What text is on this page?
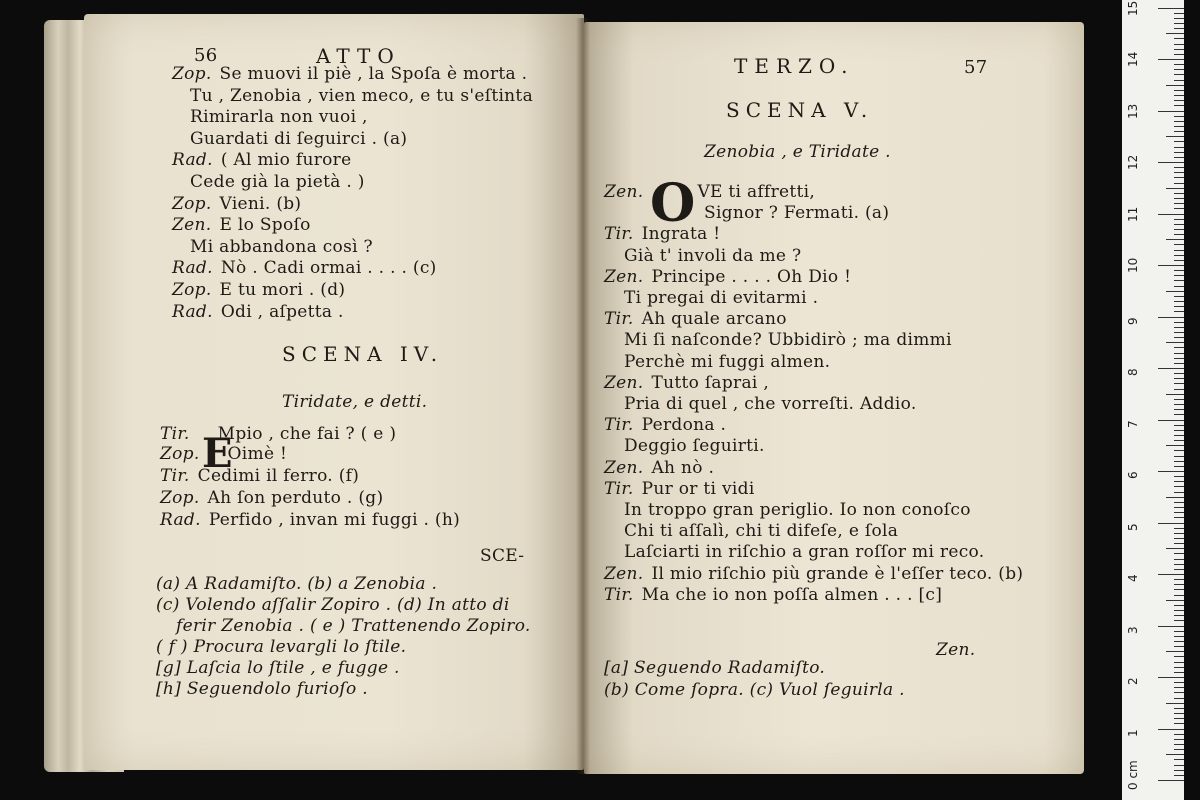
56	ATTO
Zop. Se muovi il piè , la Spoſa è morta .
Tu , Zenobia , vien meco, e tu s'eſtinta
Rimirarla non vuoi ,
Guardati di ſeguirci . (a)
Rad. ( Al mio furore
Cede già la pietà . )
Zop. Vieni. (b)
Zen. E lo Spoſo
Mi abbandona così ?
Rad. Nò . Cadi ormai . . . . (c)
Zop. E tu mori . (d)
Rad. Odi , aſpetta .
SCENA IV.
Tiridate, e detti.
E
Tir. Mpio , che fai ? ( e )
Zop. Oimè !
Tir. Cedimi il ferro. (f)
Zop. Ah ſon perduto . (g)
Rad. Perfido , invan mi fuggi . (h)
SCE-
(a) A Radamiſto. (b) a Zenobia .
(c) Volendo aſſalir Zopiro . (d) In atto di
ferir Zenobia . ( e ) Trattenendo Zopiro.
( f ) Procura levargli lo ſtile.
[g] Laſcia lo ſtile , e fugge .
[h] Seguendolo furioſo .
TERZO.	57
SCENA V.
Zenobia , e Tiridate .
O
Zen.	VE ti affretti,
Signor ? Fermati. (a)
Tir. Ingrata !
Già t' involi da me ?
Zen. Principe . . . . Oh Dio !
Ti pregai di evitarmi .
Tir. Ah quale arcano
Mi ſi naſconde? Ubbidirò ; ma dimmi
Perchè mi fuggi almen.
Zen. Tutto ſaprai ,
Pria di quel , che vorreſti. Addio.
Tir. Perdona .
Deggio ſeguirti.
Zen. Ah nò .
Tir. Pur or ti vidi
In troppo gran periglio. Io non conoſco
Chi ti aſſalì, chi ti difeſe, e ſola
Laſciarti in riſchio a gran roſſor mi reco.
Zen. Il mio riſchio più grande è l'eſſer teco. (b)
Tir. Ma che io non poſſa almen . . . [c]
Zen.
[a] Seguendo Radamiſto.
(b) Come ſopra. (c) Vuol ſeguirla .
0 cm
1
2
3
4
5
6
7
8
9
10
11
12
13
14
15
